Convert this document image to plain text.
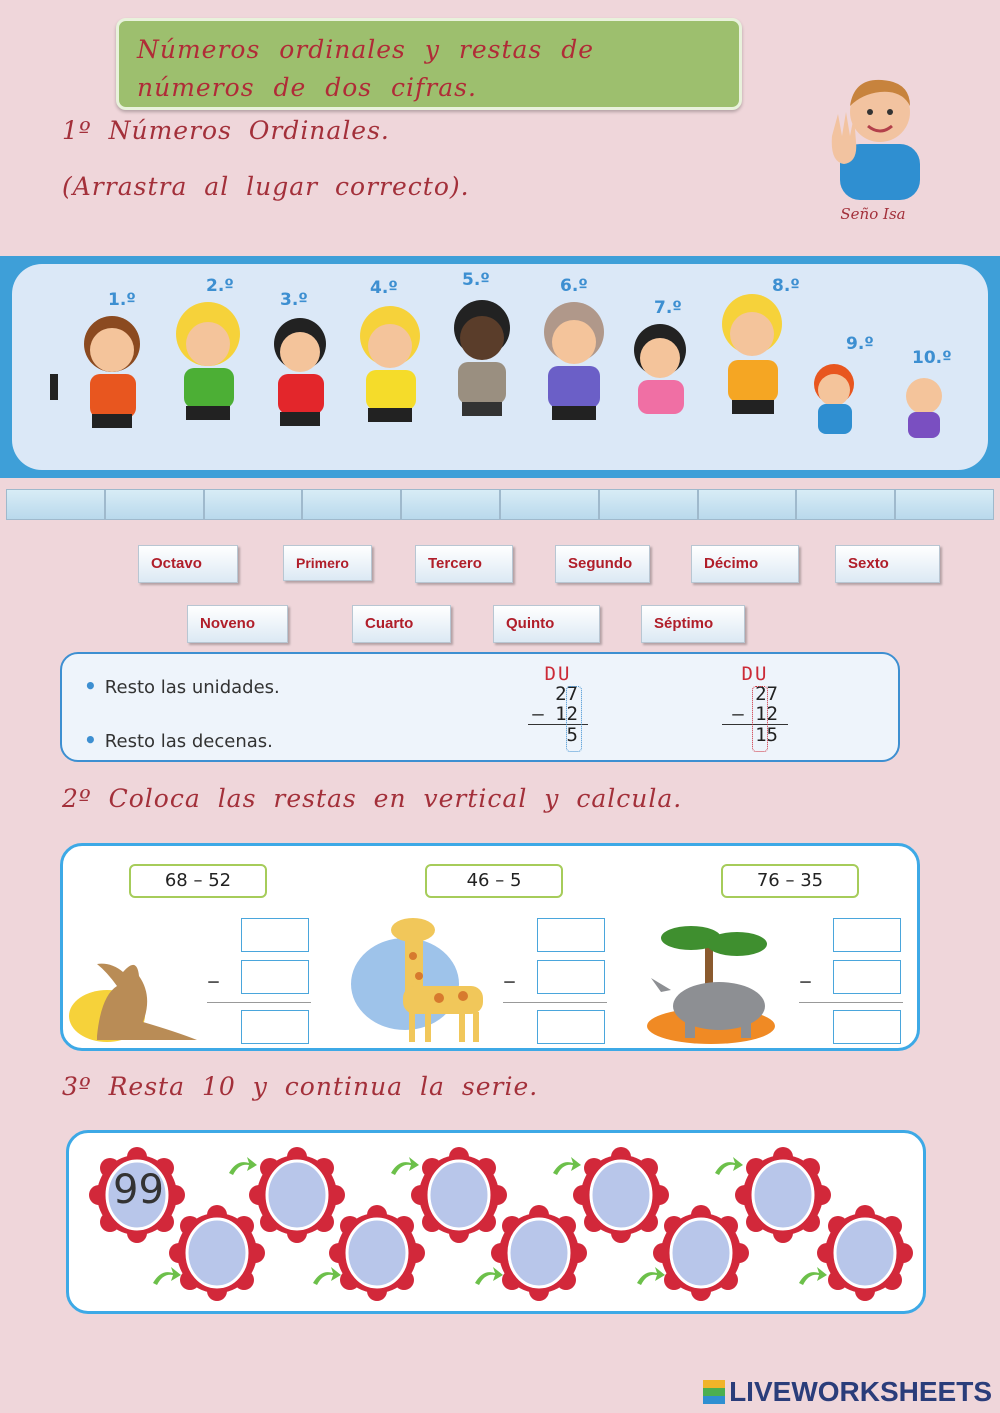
Números ordinales y restas de números de dos cifras.
1º Números Ordinales.
(Arrastra al lugar correcto).
Seño Isa
1.º
2.º
3.º
4.º	5.º	6.º
7.º
8.º
9.º
10.º
Octavo	Primero	Tercero	Segundo	Décimo	Sexto
Noveno	Cuarto	Quinto	Séptimo
• Resto las unidades.
• Resto las decenas.
DU
27
– 12
5
DU
27
– 12
15
2º Coloca las restas en vertical y calcula.
68 – 52	46 – 5	76 – 35
–	–	–
3º Resta 10 y continua la serie.
99
LIVEWORKSHEETS
